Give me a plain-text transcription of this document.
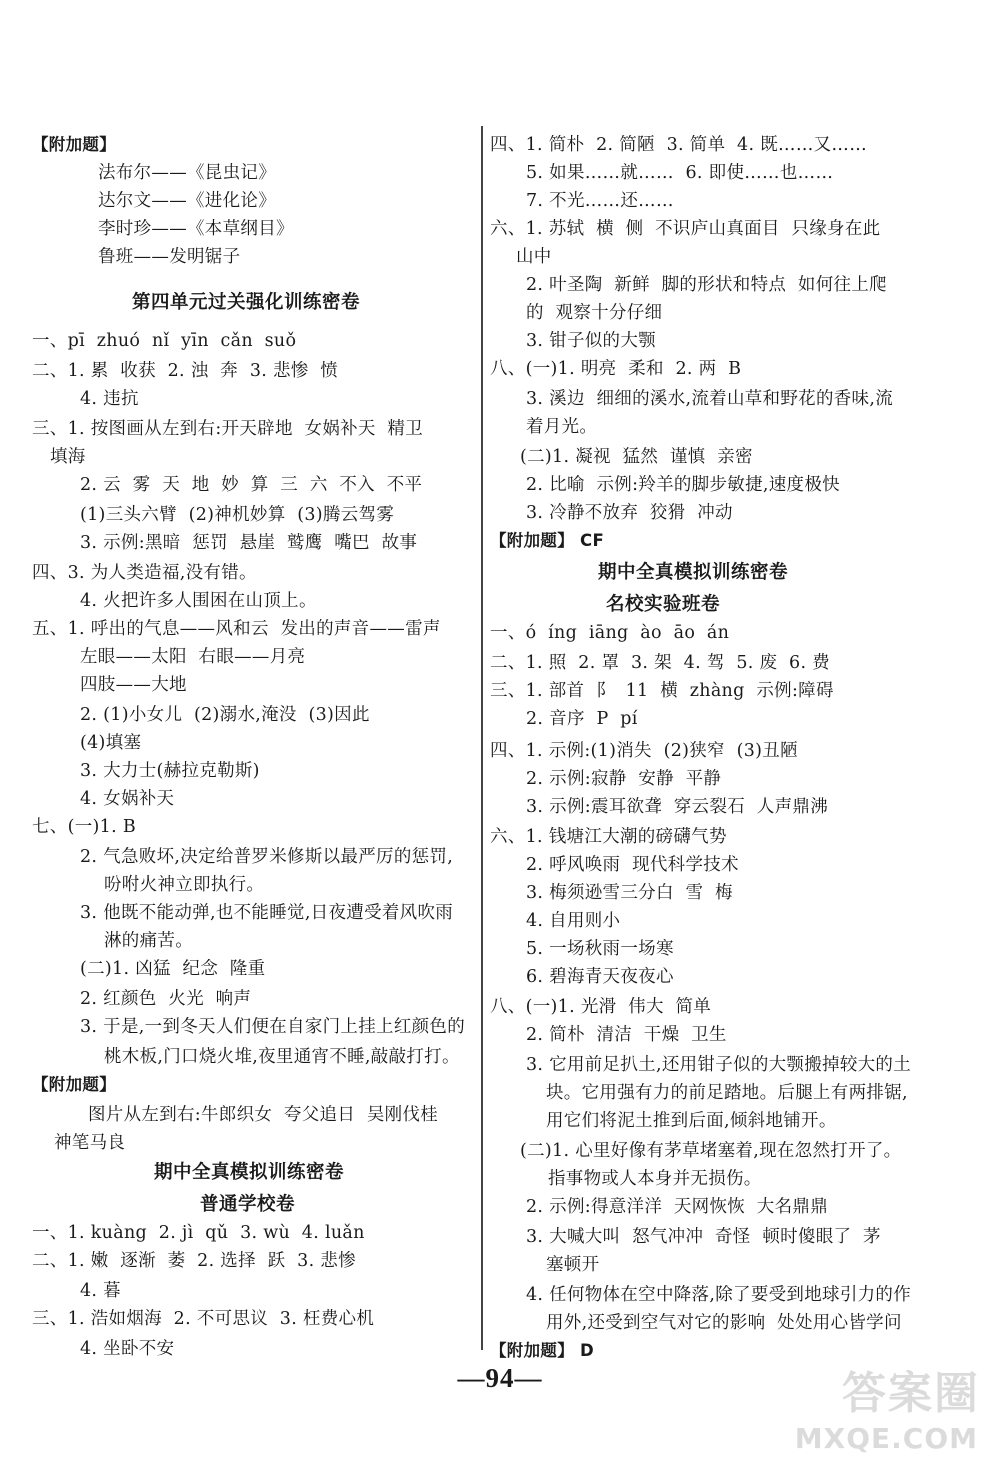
【附加题】
法布尔——《昆虫记》
达尔文——《进化论》
李时珍——《本草纲目》
鲁班——发明锯子
第四单元过关强化训练密卷
一、pī  zhuó  nǐ  yīn  cǎn  suǒ
二、1. 累  收获  2. 浊  奔  3. 悲惨  愤
4. 违抗
三、1. 按图画从左到右:开天辟地  女娲补天  精卫
填海
2. 云  雾  天  地  妙  算  三  六  不入  不平
(1)三头六臂  (2)神机妙算  (3)腾云驾雾
3. 示例:黑暗  惩罚  悬崖  鹫鹰  嘴巴  故事
四、3. 为人类造福,没有错。
4. 火把许多人围困在山顶上。
五、1. 呼出的气息——风和云  发出的声音——雷声
左眼——太阳  右眼——月亮
四肢——大地
2. (1)小女儿  (2)溺水,淹没  (3)因此
(4)填塞
3. 大力士(赫拉克勒斯)
4. 女娲补天
七、(一)1. B
2. 气急败坏,决定给普罗米修斯以最严厉的惩罚,
吩咐火神立即执行。
3. 他既不能动弹,也不能睡觉,日夜遭受着风吹雨
淋的痛苦。
(二)1. 凶猛  纪念  隆重
2. 红颜色  火光  响声
3. 于是,一到冬天人们便在自家门上挂上红颜色的
桃木板,门口烧火堆,夜里通宵不睡,敲敲打打。
【附加题】
图片从左到右:牛郎织女  夸父追日  吴刚伐桂
神笔马良
期中全真模拟训练密卷
普通学校卷
一、1. kuàng  2. jì  qǔ  3. wù  4. luǎn
二、1. 嫩  逐渐  萎  2. 选择  跃  3. 悲惨
4. 暮
三、1. 浩如烟海  2. 不可思议  3. 枉费心机
4. 坐卧不安
四、1. 简朴  2. 简陋  3. 简单  4. 既……又……
5. 如果……就……  6. 即使……也……
7. 不光……还……
六、1. 苏轼  横  侧  不识庐山真面目  只缘身在此
山中
2. 叶圣陶  新鲜  脚的形状和特点  如何往上爬
的  观察十分仔细
3. 钳子似的大颚
八、(一)1. 明亮  柔和  2. 两  B
3. 溪边  细细的溪水,流着山草和野花的香味,流
着月光。
(二)1. 凝视  猛然  谨慎  亲密
2. 比喻  示例:羚羊的脚步敏捷,速度极快
3. 冷静不放弃  狡猾  冲动
【附加题】 CF
期中全真模拟训练密卷
名校实验班卷
一、ó  íng  iāng  ào  āo  án
二、1. 照  2. 罩  3. 架  4. 驾  5. 废  6. 费
三、1. 部首  阝  11  横  zhàng  示例:障碍
2. 音序  P  pí
四、1. 示例:(1)消失  (2)狭窄  (3)丑陋
2. 示例:寂静  安静  平静
3. 示例:震耳欲聋  穿云裂石  人声鼎沸
六、1. 钱塘江大潮的磅礴气势
2. 呼风唤雨  现代科学技术
3. 梅须逊雪三分白  雪  梅
4. 自用则小
5. 一场秋雨一场寒
6. 碧海青天夜夜心
八、(一)1. 光滑  伟大  简单
2. 简朴  清洁  干燥  卫生
3. 它用前足扒土,还用钳子似的大颚搬掉较大的土
块。它用强有力的前足踏地。后腿上有两排锯,
用它们将泥土推到后面,倾斜地铺开。
(二)1. 心里好像有茅草堵塞着,现在忽然打开了。
指事物或人本身并无损伤。
2. 示例:得意洋洋  天网恢恢  大名鼎鼎
3. 大喊大叫  怒气冲冲  奇怪  顿时傻眼了  茅
塞顿开
4. 任何物体在空中降落,除了要受到地球引力的作
用外,还受到空气对它的影响  处处用心皆学问
【附加题】 D
—94—	答案圈
MXQE.COM
